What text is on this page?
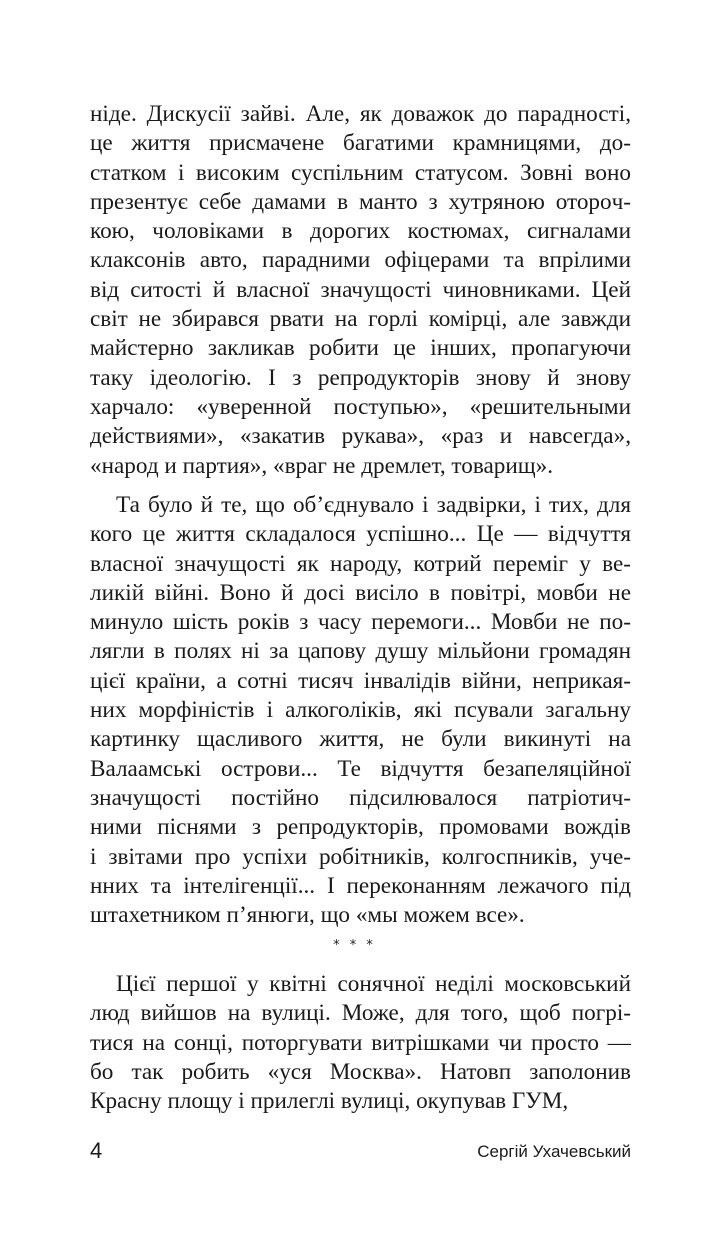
ніде. Дискусії зайві. Але, як доважок до парадності,
це життя присмачене багатими крамницями, до-
статком і високим суспільним статусом. Зовні воно
презентує себе дамами в манто з хутряною оторoч-
кою, чоловіками в дорогих костюмах, сигналами
клаксонів авто, парадними офіцерами та впрілими
від ситості й власної значущості чиновниками. Цей
світ не збирався рвати на горлі комірці, але завжди
майстерно закликав робити це інших, пропагуючи
таку ідеологію. І з репродукторів знову й знову
харчало: «уверенной поступью», «решительными
действиями», «закатив рукава», «раз и навсегда»,
«народ и партия», «враг не дремлет, товарищ».
Та було й те, що об’єднувало і задвірки, і тих, для
кого це життя складалося успішно... Це — відчуття
власної значущості як народу, котрий переміг у ве-
ликій війні. Воно й досі висіло в повітрі, мовби не
минуло шість років з часу перемоги... Мовби не по-
лягли в полях ні за цапову душу мільйони громадян
цієї країни, а сотні тисяч інвалідів війни, неприкая-
них морфіністів і алкоголіків, які псували загальну
картинку щасливого життя, не були викинуті на
Валаамські острови... Те відчуття безапеляційної
значущості постійно підсилювалося патріотич-
ними піснями з репродукторів, промовами вождів
і звітами про успіхи робітників, колгоспників, уче-
нних та інтелігенції... І переконанням лежачого під
штахетником п’янюги, що «мы можем все».
* * *
Цієї першої у квітні сонячної неділі московський
люд вийшов на вулиці. Може, для того, щоб погрі-
тися на сонці, поторгувати витрішками чи просто —
бо так робить «уся Москва». Натовп заполонив
Красну площу і прилеглі вулиці, окупував ГУМ,
4	Сергій Ухачевський
